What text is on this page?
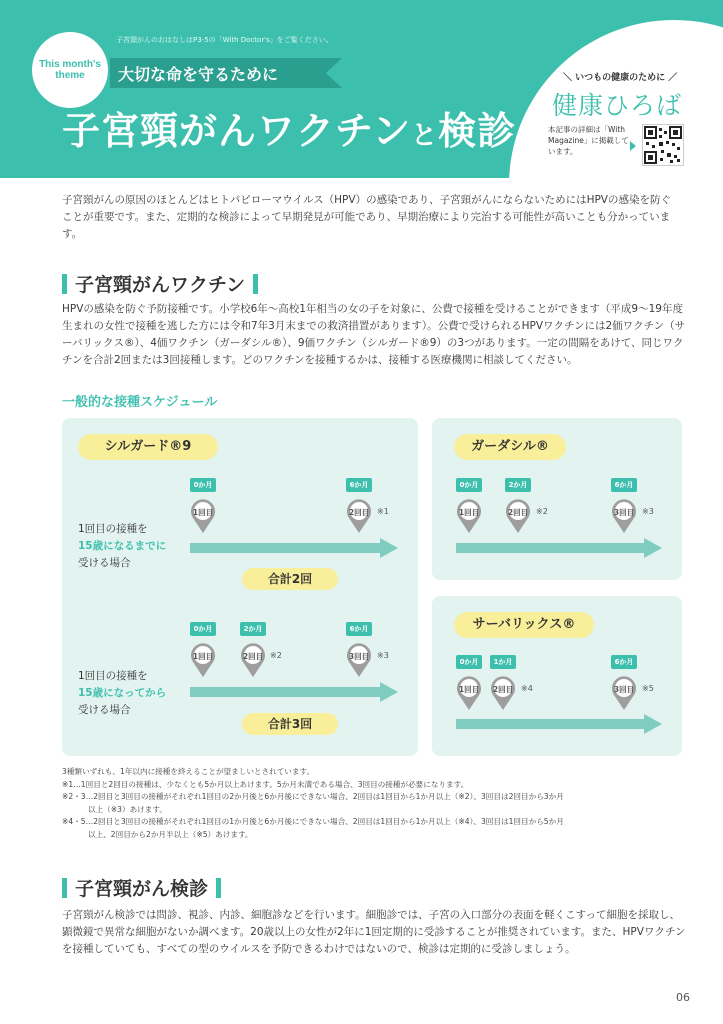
子宮頸がんのおはなしはP3-5の「With Doctor's」をご覧ください。
This month's theme	大切な命を守るために
子宮頸がんワクチンと検診
＼ いつもの健康のために ／
健康ひろば
本記事の詳細は「With Magazine」に掲載しています。
子宮頸がんの原因のほとんどはヒトパピローマウイルス（HPV）の感染であり、子宮頸がんにならないためにはHPVの感染を防ぐことが重要です。また、定期的な検診によって早期発見が可能であり、早期治療により完治する可能性が高いことも分かっています。
子宮頸がんワクチン
HPVの感染を防ぐ予防接種です。小学校6年〜高校1年相当の女の子を対象に、公費で接種を受けることができます（平成9〜19年度生まれの女性で接種を逃した方には令和7年3月末までの救済措置があります）。公費で受けられるHPVワクチンには2価ワクチン（サーバリックス®）、4価ワクチン（ガーダシル®）、9価ワクチン（シルガード®9）の3つがあります。一定の間隔をあけて、同じワクチンを合計2回または3回接種します。どのワクチンを接種するかは、接種する医療機関に相談してください。
一般的な接種スケジュール
シルガード®9
1回目の接種を
15歳になるまでに
受ける場合
0か月	6か月
1回目	2回目 ※1
合計2回
1回目の接種を
15歳になってから
受ける場合
0か月	2か月	6か月
1回目	2回目 ※2	3回目 ※3
合計3回
ガーダシル®
0か月	2か月	6か月
1回目	2回目 ※2	3回目 ※3
サーバリックス®
0か月	1か月	6か月
1回目	2回目 ※4	3回目 ※5
3種類いずれも、1年以内に接種を終えることが望ましいとされています。
※1…1回目と2回目の接種は、少なくとも5か月以上あけます。5か月未満である場合、3回目の接種が必要になります。
※2・3…2回目と3回目の接種がそれぞれ1回目の2か月後と6か月後にできない場合、2回目は1回目から1か月以上（※2）、3回目は2回目から3か月
以上（※3）あけます。
※4・5…2回目と3回目の接種がそれぞれ1回目の1か月後と6か月後にできない場合、2回目は1回目から1か月以上（※4）、3回目は1回目から5か月
以上、2回目から2か月半以上（※5）あけます。
子宮頸がん検診
子宮頸がん検診では問診、視診、内診、細胞診などを行います。細胞診では、子宮の入口部分の表面を軽くこすって細胞を採取し、顕微鏡で異常な細胞がないか調べます。20歳以上の女性が2年に1回定期的に受診することが推奨されています。また、HPVワクチンを接種していても、すべての型のウイルスを予防できるわけではないので、検診は定期的に受診しましょう。
06
